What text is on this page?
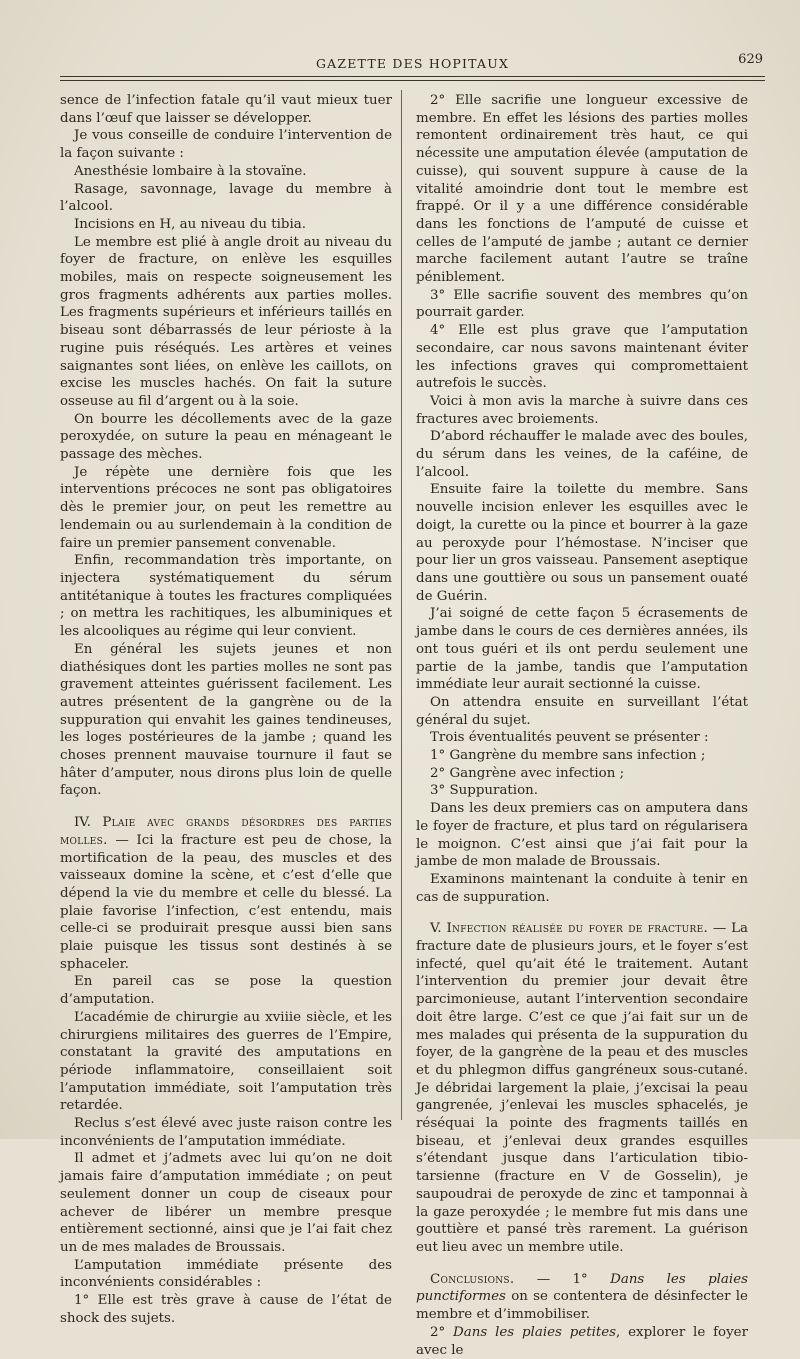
GAZETTE DES HOPITAUX	629

sence de l’infection fatale qu’il vaut mieux tuer dans l’œuf que laisser se développer.

Je vous conseille de conduire l’intervention de la façon suivante :

Anesthésie lombaire à la stovaïne.

Rasage, savonnage, lavage du membre à l’alcool.

Incisions en H, au niveau du tibia.

Le membre est plié à angle droit au niveau du foyer de fracture, on enlève les esquilles mobiles, mais on respecte soigneusement les gros fragments adhérents aux parties molles. Les fragments supérieurs et inférieurs taillés en biseau sont débarrassés de leur périoste à la rugine puis réséqués. Les artères et veines saignantes sont liées, on enlève les caillots, on excise les muscles hachés. On fait la suture osseuse au fil d’argent ou à la soie.

On bourre les décollements avec de la gaze peroxydée, on suture la peau en ménageant le passage des mèches.

Je répète une dernière fois que les interventions précoces ne sont pas obligatoires dès le premier jour, on peut les remettre au lendemain ou au surlendemain à la condition de faire un premier pansement convenable.

Enfin, recommandation très importante, on injectera systématiquement du sérum antitétanique à toutes les fractures compliquées ; on mettra les rachitiques, les albuminiques et les alcooliques au régime qui leur convient.

En général les sujets jeunes et non diathésiques dont les parties molles ne sont pas gravement atteintes guérissent facilement. Les autres présentent de la gangrène ou de la suppuration qui envahit les gaines tendineuses, les loges postérieures de la jambe ; quand les choses prennent mauvaise tournure il faut se hâter d’amputer, nous dirons plus loin de quelle façon.

IV. Plaie avec grands désordres des parties molles. — Ici la fracture est peu de chose, la mortification de la peau, des muscles et des vaisseaux domine la scène, et c’est d’elle que dépend la vie du membre et celle du blessé. La plaie favorise l’infection, c’est entendu, mais celle-ci se produirait presque aussi bien sans plaie puisque les tissus sont destinés à se sphaceler.

En pareil cas se pose la question d’amputation.

L’académie de chirurgie au xviiie siècle, et les chirurgiens militaires des guerres de l’Empire, constatant la gravité des amputations en période inflammatoire, conseillaient soit l’amputation immédiate, soit l’amputation très retardée.

Reclus s’est élevé avec juste raison contre les inconvénients de l’amputation immédiate.

Il admet et j’admets avec lui qu’on ne doit jamais faire d’amputation immédiate ; on peut seulement donner un coup de ciseaux pour achever de libérer un membre presque entièrement sectionné, ainsi que je l’ai fait chez un de mes malades de Broussais.

L’amputation immédiate présente des inconvénients considérables :

1° Elle est très grave à cause de l’état de shock des sujets.

2° Elle sacrifie une longueur excessive de membre. En effet les lésions des parties molles remontent ordinairement très haut, ce qui nécessite une amputation élevée (amputation de cuisse), qui souvent suppure à cause de la vitalité amoindrie dont tout le membre est frappé. Or il y a une différence considérable dans les fonctions de l’amputé de cuisse et celles de l’amputé de jambe ; autant ce dernier marche facilement autant l’autre se traîne péniblement.

3° Elle sacrifie souvent des membres qu’on pourrait garder.

4° Elle est plus grave que l’amputation secondaire, car nous savons maintenant éviter les infections graves qui compromettaient autrefois le succès.

Voici à mon avis la marche à suivre dans ces fractures avec broiements.

D’abord réchauffer le malade avec des boules, du sérum dans les veines, de la caféine, de l’alcool.

Ensuite faire la toilette du membre. Sans nouvelle incision enlever les esquilles avec le doigt, la curette ou la pince et bourrer à la gaze au peroxyde pour l’hémostase. N’inciser que pour lier un gros vaisseau. Pansement aseptique dans une gouttière ou sous un pansement ouaté de Guérin.

J’ai soigné de cette façon 5 écrasements de jambe dans le cours de ces dernières années, ils ont tous guéri et ils ont perdu seulement une partie de la jambe, tandis que l’amputation immédiate leur aurait sectionné la cuisse.

On attendra ensuite en surveillant l’état général du sujet.

Trois éventualités peuvent se présenter :

1° Gangrène du membre sans infection ;

2° Gangrène avec infection ;

3° Suppuration.

Dans les deux premiers cas on amputera dans le foyer de fracture, et plus tard on régularisera le moignon. C’est ainsi que j’ai fait pour la jambe de mon malade de Broussais.

Examinons maintenant la conduite à tenir en cas de suppuration.

V. Infection réalisée du foyer de fracture. — La fracture date de plusieurs jours, et le foyer s’est infecté, quel qu’ait été le traitement. Autant l’intervention du premier jour devait être parcimonieuse, autant l’intervention secondaire doit être large. C’est ce que j’ai fait sur un de mes malades qui présenta de la suppuration du foyer, de la gangrène de la peau et des muscles et du phlegmon diffus gangréneux sous-cutané. Je débridai largement la plaie, j’excisai la peau gangrenée, j’enlevai les muscles sphacelés, je réséquai la pointe des fragments taillés en biseau, et j’enlevai deux grandes esquilles s’étendant jusque dans l’articulation tibio-tarsienne (fracture en V de Gosselin), je saupoudrai de peroxyde de zinc et tamponnai à la gaze peroxydée ; le membre fut mis dans une gouttière et pansé très rarement. La guérison eut lieu avec un membre utile.

Conclusions. — 1° Dans les plaies punctiformes on se contentera de désinfecter le membre et d’immobiliser.

2° Dans les plaies petites, explorer le foyer avec le
